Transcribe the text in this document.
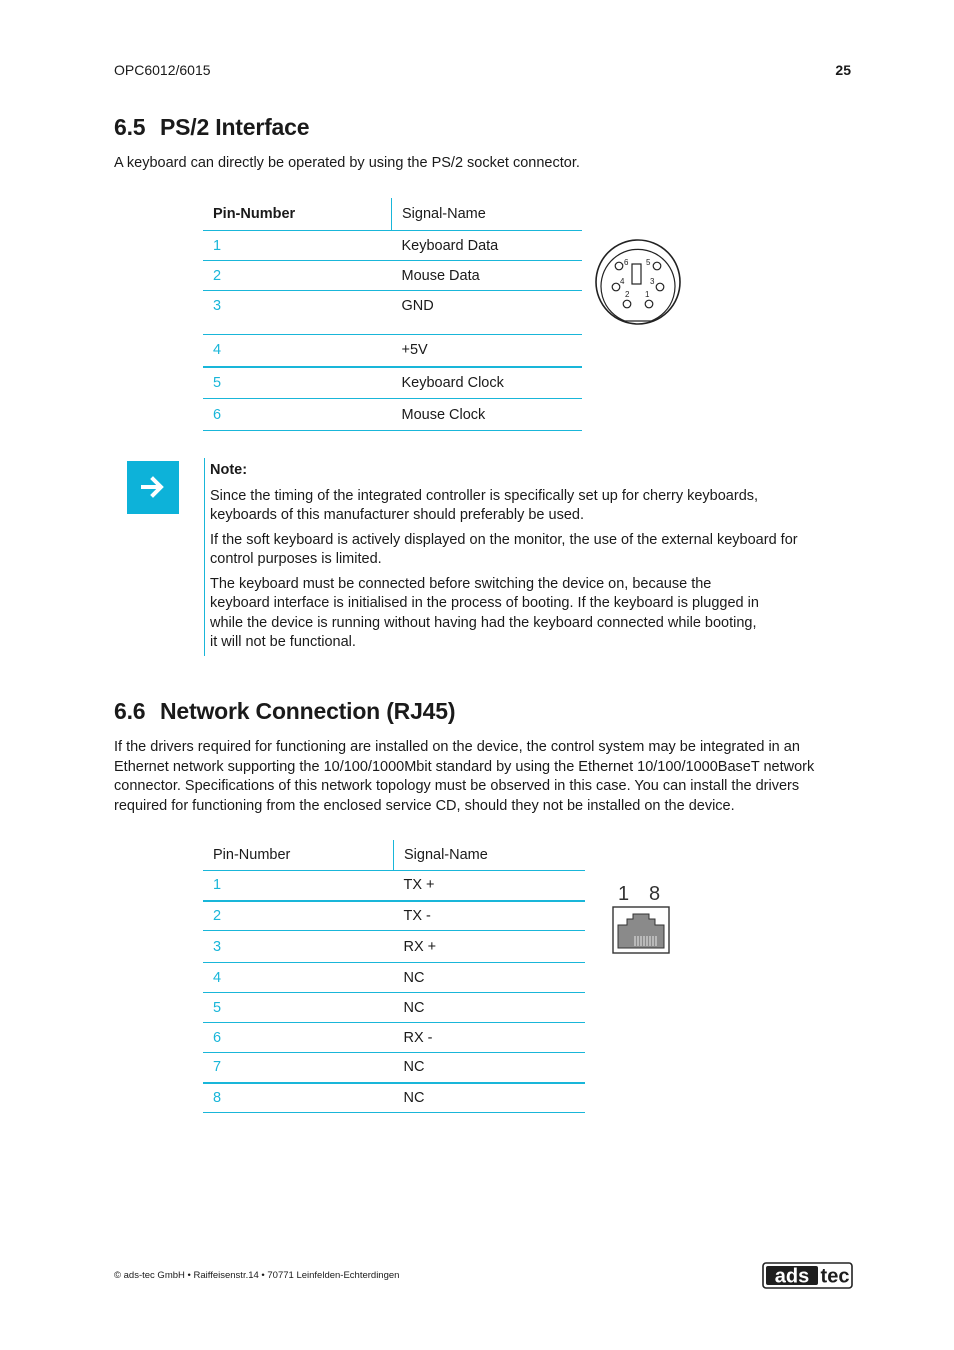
OPC6012/6015	25
6.5 PS/2 Interface

A keyboard can directly be operated by using the PS/2 socket connector.

Pin-Number	Signal-Name
1	Keyboard Data
2	Mouse Data
3	GND
4	+5V
5	Keyboard Clock
6	Mouse Clock
6 5
4	3
2 1

Note:

Since the timing of the integrated controller is specifically set up for cherry keyboards, keyboards of this manufacturer should preferably be used.

If the soft keyboard is actively displayed on the monitor, the use of the external keyboard for control purposes is limited.

The keyboard must be connected before switching the device on, because the keyboard interface is initialised in the process of booting. If the keyboard is plugged in while the device is running without having had the keyboard connected while booting, it will not be functional.

6.6 Network Connection (RJ45)

If the drivers required for functioning are installed on the device, the control system may be integrated in an Ethernet network supporting the 10/100/1000Mbit standard by using the Ethernet 10/100/1000BaseT network connector. Specifications of this network topology must be observed in this case. You can install the drivers required for functioning from the enclosed service CD, should they not be installed on the device.

Pin-Number	Signal-Name
1	TX +
2	TX -
3	RX +
4	NC
5	NC
6	RX -
7	NC
8	NC
1 8
© ads-tec GmbH • Raiffeisenstr.14 • 70771 Leinfelden-Echterdingen	ads tec
